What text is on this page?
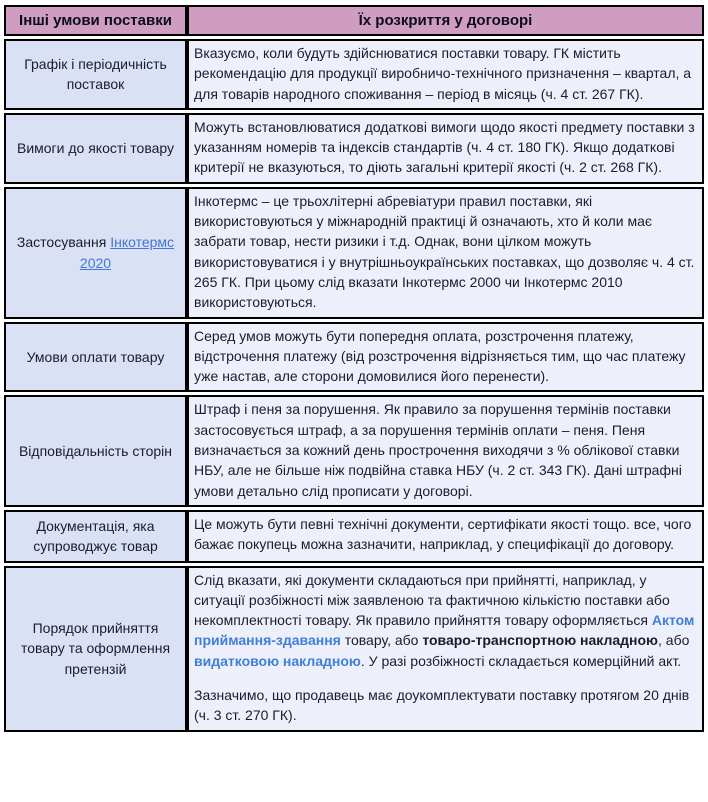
Інші умови поставки	Їх розкриття у договорі
Графік і періодичність поставок	Вказуємо, коли будуть здійснюватися поставки товару. ГК містить рекомендацію для продукції виробничо-технічного призначення – квартал, а для товарів народного споживання – період в місяць (ч. 4 ст. 267 ГК).

Вимоги до якості товару	Можуть встановлюватися додаткові вимоги щодо якості предмету поставки з указанням номерів та індексів стандартів (ч. 4 ст. 180 ГК). Якщо додаткові критерії не вказуються, то діють загальні критерії якості (ч. 2 ст. 268 ГК).

Застосування Інкотермс 2020	Інкотермс – це трьохлітерні абревіатури правил поставки, які використовуються у міжнародній практиці й означають, хто й коли має забрати товар, нести ризики і т.д. Однак, вони цілком можуть використовуватися і у внутрішньоукраїнських поставках, що дозволяє ч. 4 ст. 265 ГК. При цьому слід вказати Інкотермс 2000 чи Інкотермс 2010 використовуються.

Умови оплати товару	Серед умов можуть бути попередня оплата, розстрочення платежу, відстрочення платежу (від розстрочення відрізняється тим, що час платежу уже настав, але сторони домовилися його перенести).

Відповідальність сторін	Штраф і пеня за порушення. Як правило за порушення термінів поставки застосовується штраф, а за порушення термінів оплати – пеня. Пеня визначається за кожний день прострочення виходячи з % облікової ставки НБУ, але не більше ніж подвійна ставка НБУ (ч. 2 ст. 343 ГК). Дані штрафні умови детально слід прописати у договорі.

Документація, яка супроводжує товар	Це можуть бути певні технічні документи, сертифікати якості тощо. все, чого бажає покупець можна зазначити, наприклад, у специфікації до договору.

Порядок прийняття товару та оформлення претензій	Слід вказати, які документи складаються при прийнятті, наприклад, у ситуації розбіжності між заявленою та фактичною кількістю поставки або некомплектності товару. Як правило прийняття товару оформляється Актом приймання-здавання товару, або товаро-транспортною накладною, або видатковою накладною. У разі розбіжності складається комерційний акт.

Зазначимо, що продавець має доукомплектувати поставку протягом 20 днів (ч. 3 ст. 270 ГК).
